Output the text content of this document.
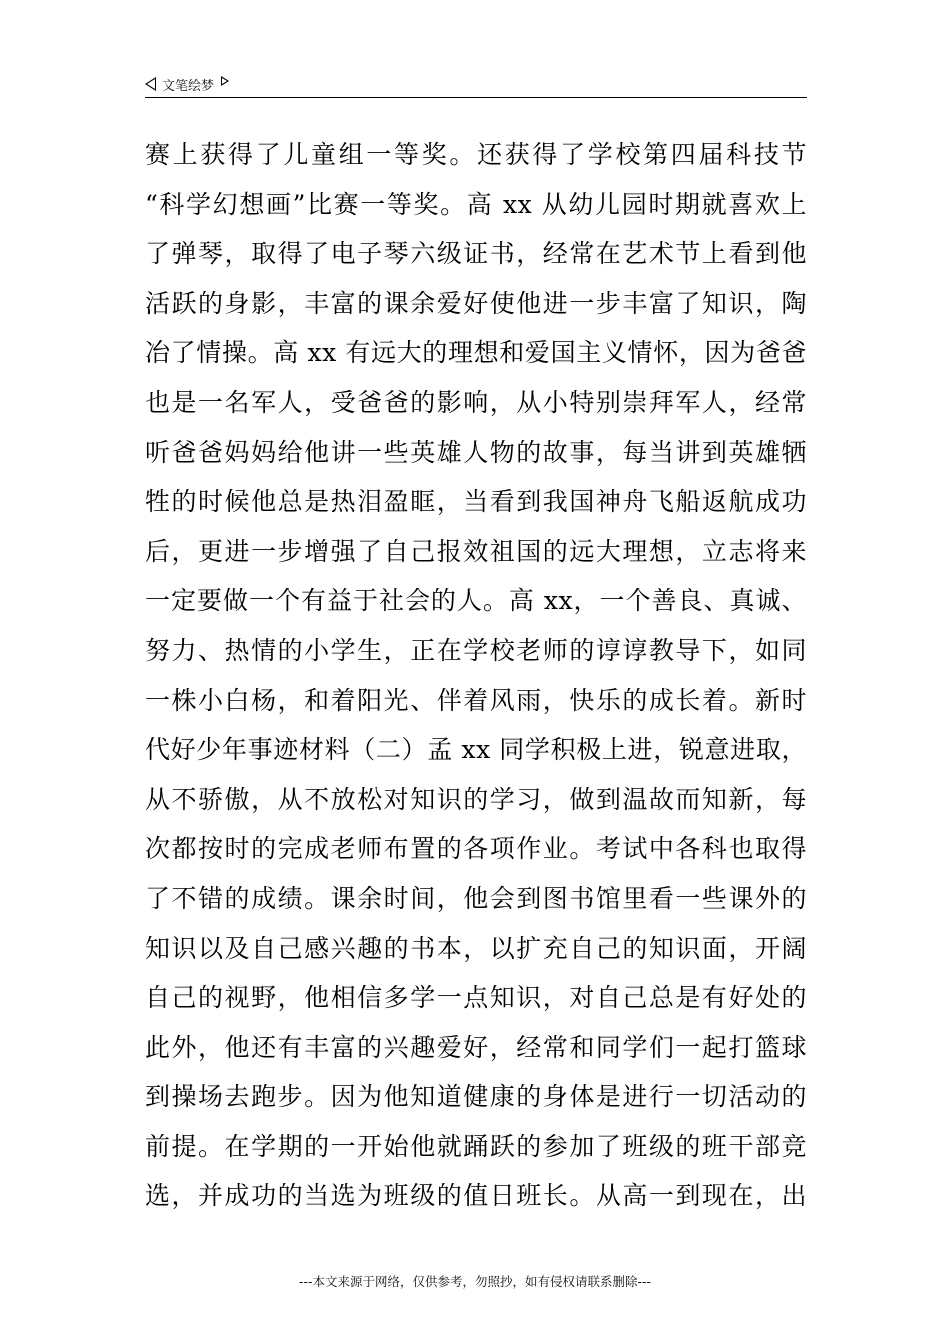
文笔绘梦
赛上获得了儿童组一等奖。还获得了学校第四届科技节
“科学幻想画”比赛一等奖。高 xx 从幼儿园时期就喜欢上
了弹琴，取得了电子琴六级证书，经常在艺术节上看到他
活跃的身影，丰富的课余爱好使他进一步丰富了知识，陶
冶了情操。高 xx 有远大的理想和爱国主义情怀，因为爸爸
也是一名军人，受爸爸的影响，从小特别崇拜军人，经常
听爸爸妈妈给他讲一些英雄人物的故事，每当讲到英雄牺
牲的时候他总是热泪盈眶，当看到我国神舟飞船返航成功
后，更进一步增强了自己报效祖国的远大理想，立志将来
一定要做一个有益于社会的人。高 xx，一个善良、真诚、
努力、热情的小学生，正在学校老师的谆谆教导下，如同
一株小白杨，和着阳光、伴着风雨，快乐的成长着。新时
代好少年事迹材料（二）孟 xx 同学积极上进，锐意进取，
从不骄傲，从不放松对知识的学习，做到温故而知新，每
次都按时的完成老师布置的各项作业。考试中各科也取得
了不错的成绩。课余时间，他会到图书馆里看一些课外的
知识以及自己感兴趣的书本，以扩充自己的知识面，开阔
自己的视野，他相信多学一点知识，对自己总是有好处的
此外，他还有丰富的兴趣爱好，经常和同学们一起打篮球
到操场去跑步。因为他知道健康的身体是进行一切活动的
前提。在学期的一开始他就踊跃的参加了班级的班干部竞
选，并成功的当选为班级的值日班长。从高一到现在，出
---本文来源于网络，仅供参考，勿照抄，如有侵权请联系删除---
